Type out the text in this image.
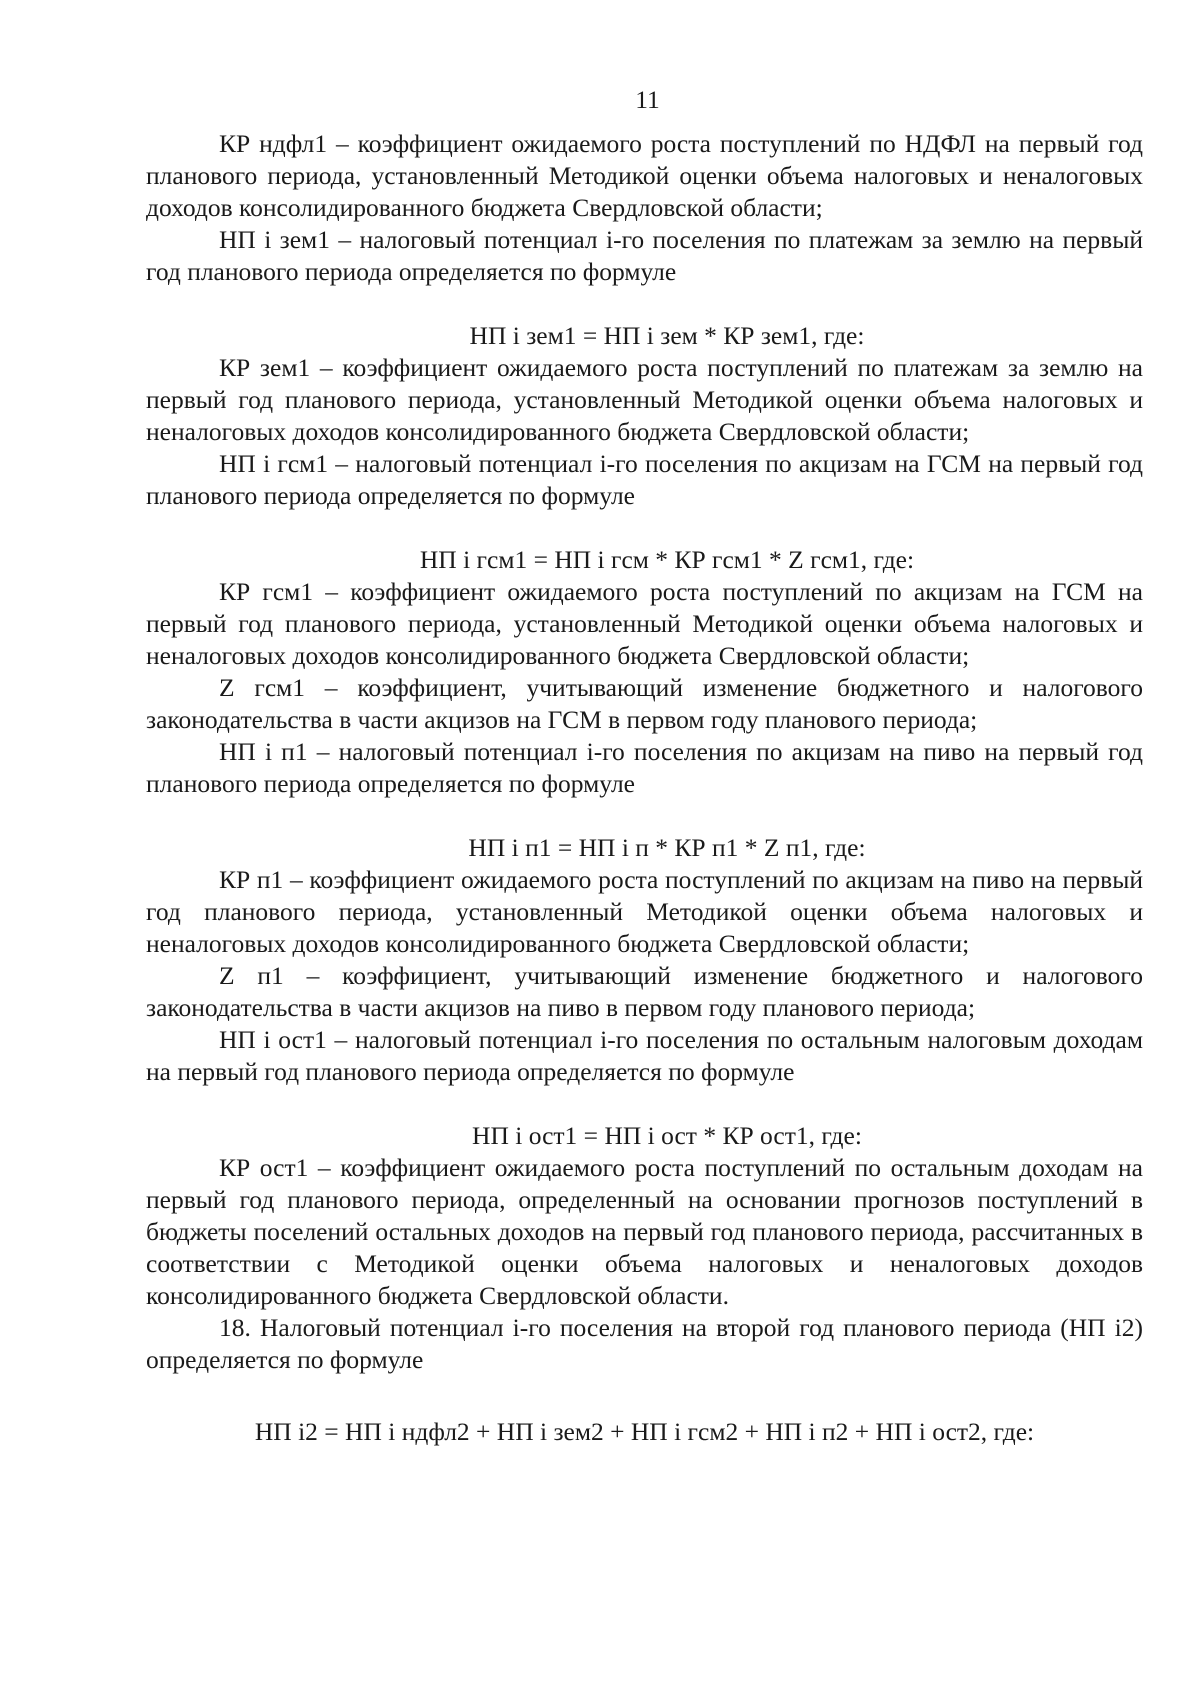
11

КР ндфл1 – коэффициент ожидаемого роста поступлений по НДФЛ на первый год планового периода, установленный Методикой оценки объема налоговых и неналоговых доходов консолидированного бюджета Свердловской области;

НП i зем1 – налоговый потенциал i-го поселения по платежам за землю на первый год планового периода определяется по формуле

НП i зем1 = НП i зем * КР зем1, где:

КР зем1 – коэффициент ожидаемого роста поступлений по платежам за землю на первый год планового периода, установленный Методикой оценки объема налоговых и неналоговых доходов консолидированного бюджета Свердловской области;

НП i гсм1 – налоговый потенциал i-го поселения по акцизам на ГСМ на первый год планового периода определяется по формуле

НП i гсм1 = НП i гсм * КР гсм1 * Z гсм1, где:

КР гсм1 – коэффициент ожидаемого роста поступлений по акцизам на ГСМ на первый год планового периода, установленный Методикой оценки объема налоговых и неналоговых доходов консолидированного бюджета Свердловской области;

Z гсм1 – коэффициент, учитывающий изменение бюджетного и налогового законодательства в части акцизов на ГСМ в первом году планового периода;

НП i п1 – налоговый потенциал i-го поселения по акцизам на пиво на первый год планового периода определяется по формуле

НП i п1 = НП i п * КР п1 * Z п1, где:

КР п1 – коэффициент ожидаемого роста поступлений по акцизам на пиво на первый год планового периода, установленный Методикой оценки объема налоговых и неналоговых доходов консолидированного бюджета Свердловской области;

Z п1 – коэффициент, учитывающий изменение бюджетного и налогового законодательства в части акцизов на пиво в первом году планового периода;

НП i ост1 – налоговый потенциал i-го поселения по остальным налоговым доходам на первый год планового периода определяется по формуле

НП i ост1 = НП i ост * КР ост1, где:

КР ост1 – коэффициент ожидаемого роста поступлений по остальным доходам на первый год планового периода, определенный на основании прогнозов поступлений в бюджеты поселений остальных доходов на первый год планового периода, рассчитанных в соответствии с Методикой оценки объема налоговых и неналоговых доходов консолидированного бюджета Свердловской области.

18. Налоговый потенциал i-го поселения на второй год планового периода (НП i2) определяется по формуле

НП i2 = НП i ндфл2 + НП i зем2 + НП i гсм2 + НП i п2 + НП i ост2, где:
